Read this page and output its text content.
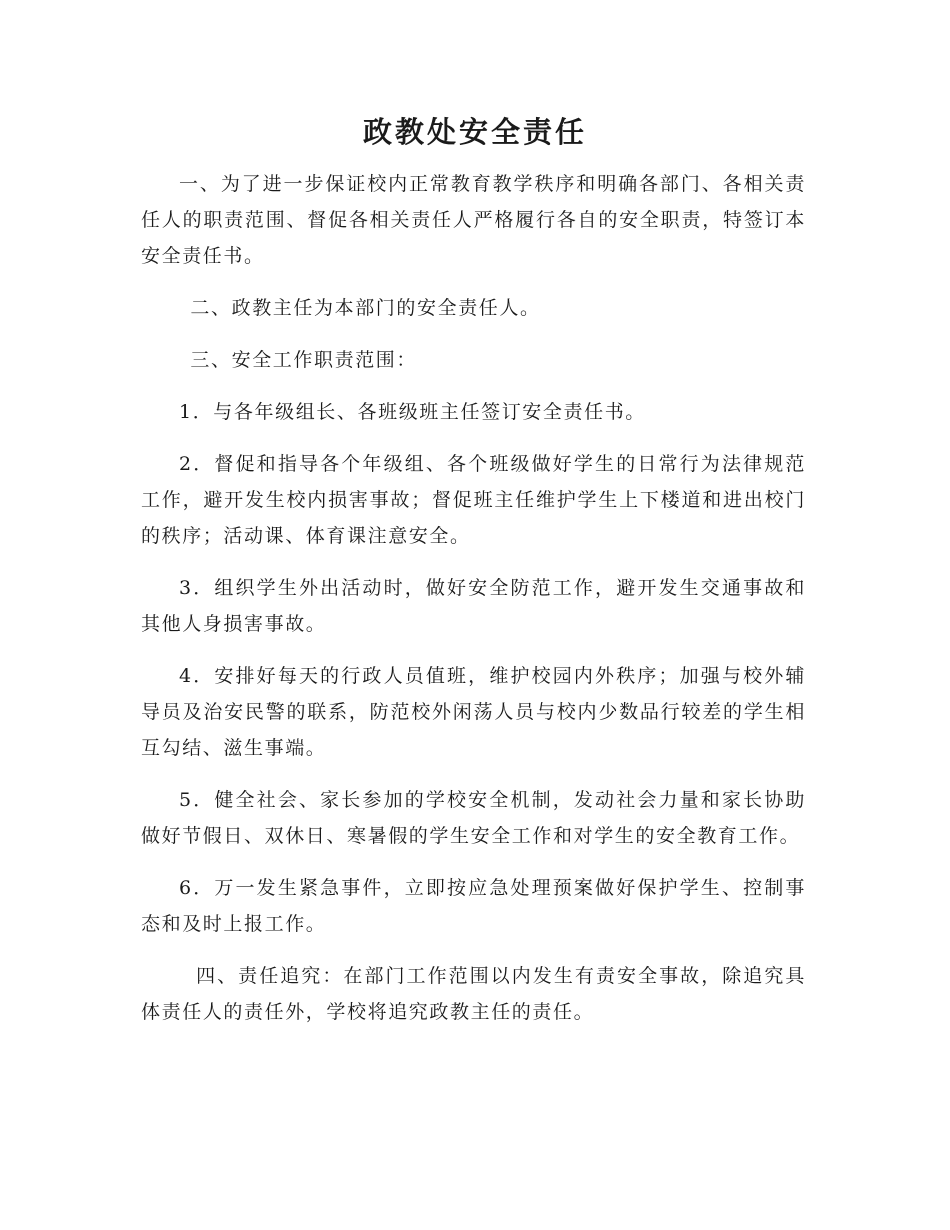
政教处安全责任

一、为了进一步保证校内正常教育教学秩序和明确各部门、各相关责任人的职责范围、督促各相关责任人严格履行各自的安全职责，特签订本安全责任书。

二、政教主任为本部门的安全责任人。

三、安全工作职责范围：

1．与各年级组长、各班级班主任签订安全责任书。

2．督促和指导各个年级组、各个班级做好学生的日常行为法律规范工作，避开发生校内损害事故；督促班主任维护学生上下楼道和进出校门的秩序；活动课、体育课注意安全。

3．组织学生外出活动时，做好安全防范工作，避开发生交通事故和其他人身损害事故。

4．安排好每天的行政人员值班，维护校园内外秩序；加强与校外辅导员及治安民警的联系，防范校外闲荡人员与校内少数品行较差的学生相互勾结、滋生事端。

5．健全社会、家长参加的学校安全机制，发动社会力量和家长协助做好节假日、双休日、寒暑假的学生安全工作和对学生的安全教育工作。

6．万一发生紧急事件，立即按应急处理预案做好保护学生、控制事态和及时上报工作。

四、责任追究：在部门工作范围以内发生有责安全事故，除追究具体责任人的责任外，学校将追究政教主任的责任。
